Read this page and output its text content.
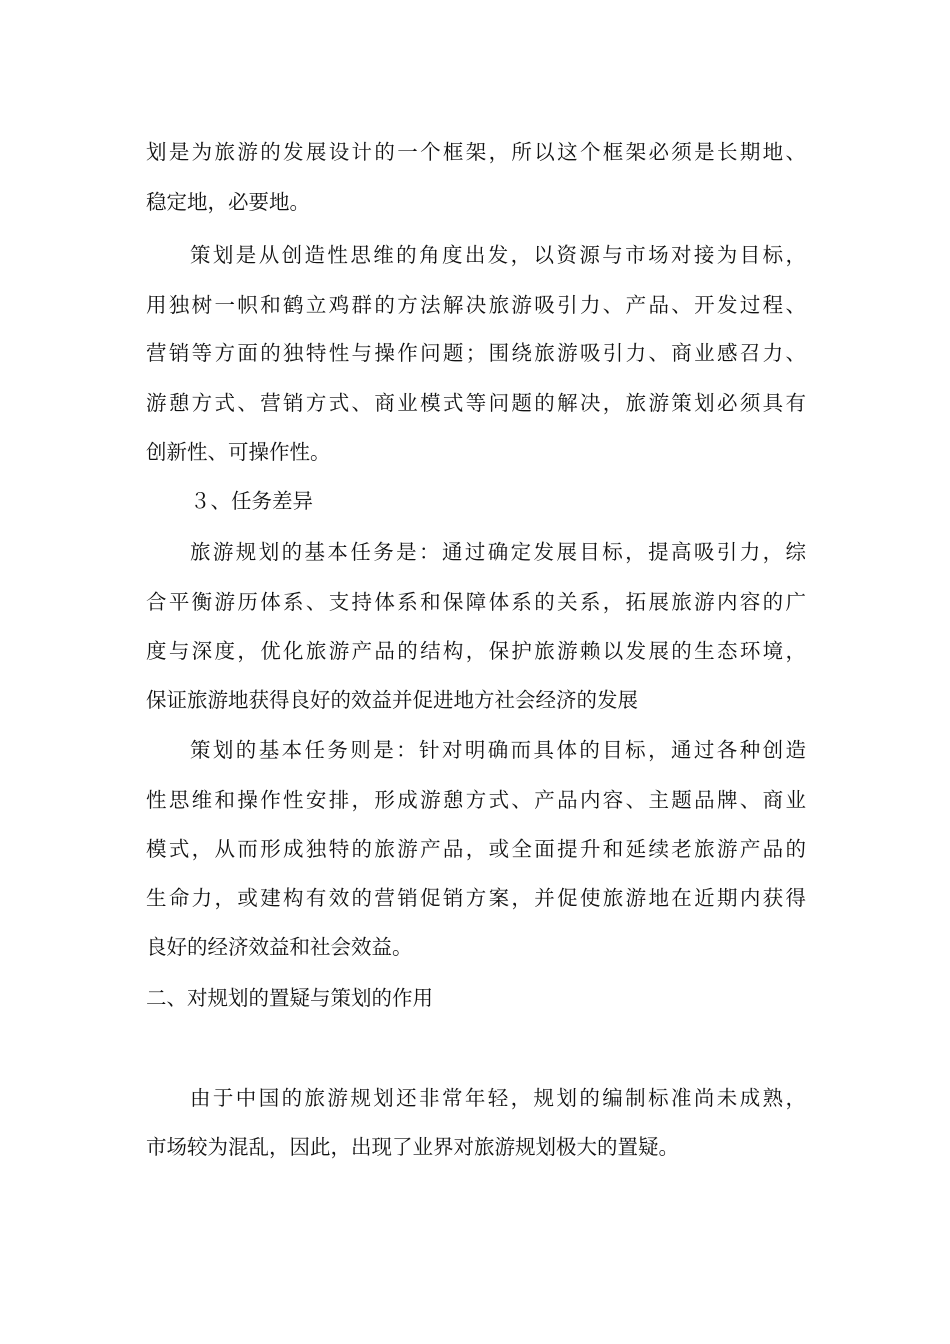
划是为旅游的发展设计的一个框架，所以这个框架必须是长期地、
稳定地，必要地。
策划是从创造性思维的角度出发，以资源与市场对接为目标，
用独树一帜和鹤立鸡群的方法解决旅游吸引力、产品、开发过程、
营销等方面的独特性与操作问题；围绕旅游吸引力、商业感召力、
游憩方式、营销方式、商业模式等问题的解决，旅游策划必须具有
创新性、可操作性。
３、任务差异
旅游规划的基本任务是：通过确定发展目标，提高吸引力，综
合平衡游历体系、支持体系和保障体系的关系，拓展旅游内容的广
度与深度，优化旅游产品的结构，保护旅游赖以发展的生态环境，
保证旅游地获得良好的效益并促进地方社会经济的发展
策划的基本任务则是：针对明确而具体的目标，通过各种创造
性思维和操作性安排，形成游憩方式、产品内容、主题品牌、商业
模式，从而形成独特的旅游产品，或全面提升和延续老旅游产品的
生命力，或建构有效的营销促销方案，并促使旅游地在近期内获得
良好的经济效益和社会效益。
二、对规划的置疑与策划的作用
由于中国的旅游规划还非常年轻，规划的编制标准尚未成熟，
市场较为混乱，因此，出现了业界对旅游规划极大的置疑。
